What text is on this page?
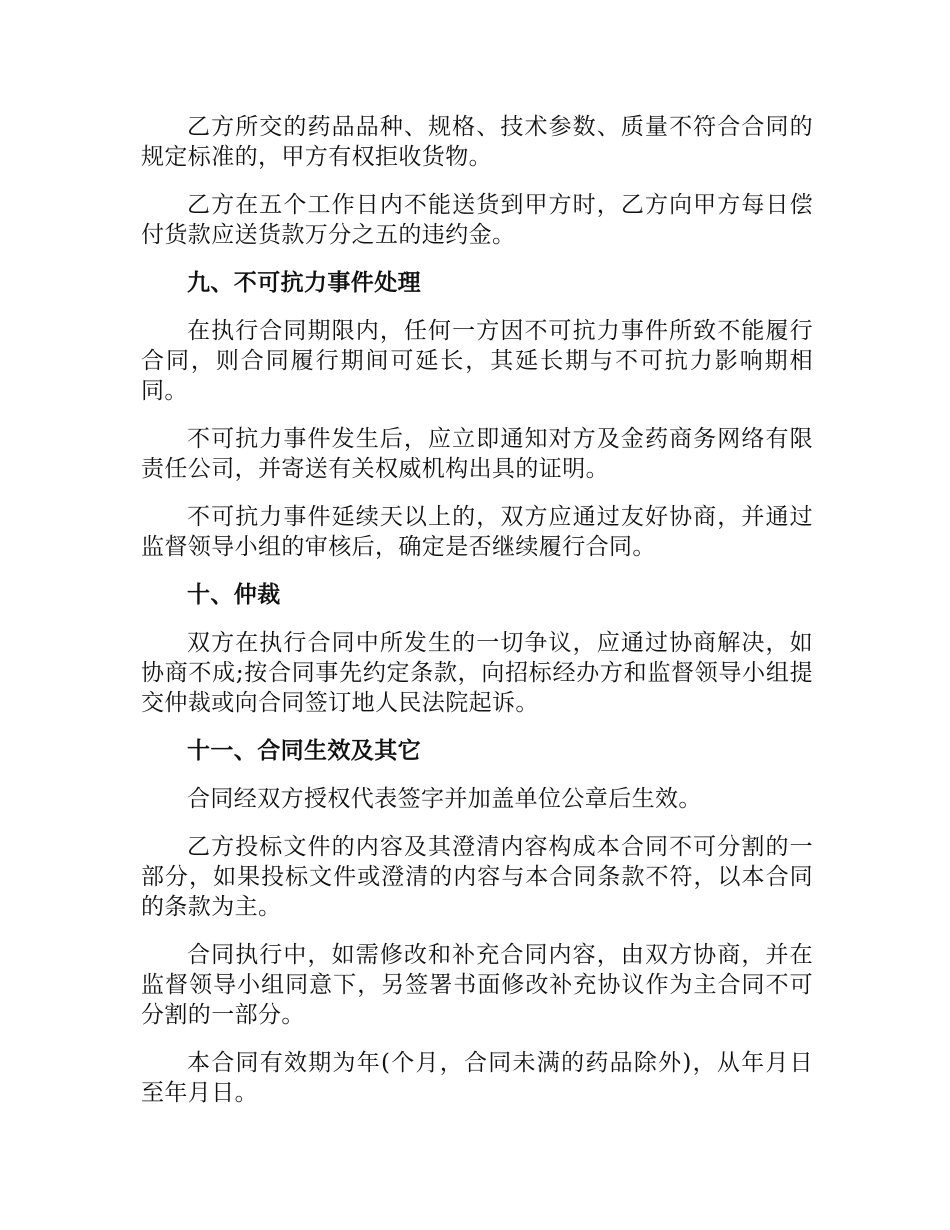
乙方所交的药品品种、规格、技术参数、质量不符合合同的规定标准的，甲方有权拒收货物。

乙方在五个工作日内不能送货到甲方时，乙方向甲方每日偿付货款应送货款万分之五的违约金。

九、不可抗力事件处理

在执行合同期限内，任何一方因不可抗力事件所致不能履行合同，则合同履行期间可延长，其延长期与不可抗力影响期相同。

不可抗力事件发生后，应立即通知对方及金药商务网络有限责任公司，并寄送有关权威机构出具的证明。

不可抗力事件延续天以上的，双方应通过友好协商，并通过监督领导小组的审核后，确定是否继续履行合同。

十、仲裁

双方在执行合同中所发生的一切争议，应通过协商解决，如协商不成;按合同事先约定条款，向招标经办方和监督领导小组提交仲裁或向合同签订地人民法院起诉。

十一、合同生效及其它

合同经双方授权代表签字并加盖单位公章后生效。

乙方投标文件的内容及其澄清内容构成本合同不可分割的一部分，如果投标文件或澄清的内容与本合同条款不符，以本合同的条款为主。

合同执行中，如需修改和补充合同内容，由双方协商，并在监督领导小组同意下，另签署书面修改补充协议作为主合同不可分割的一部分。

本合同有效期为年(个月，合同未满的药品除外)，从年月日至年月日。
